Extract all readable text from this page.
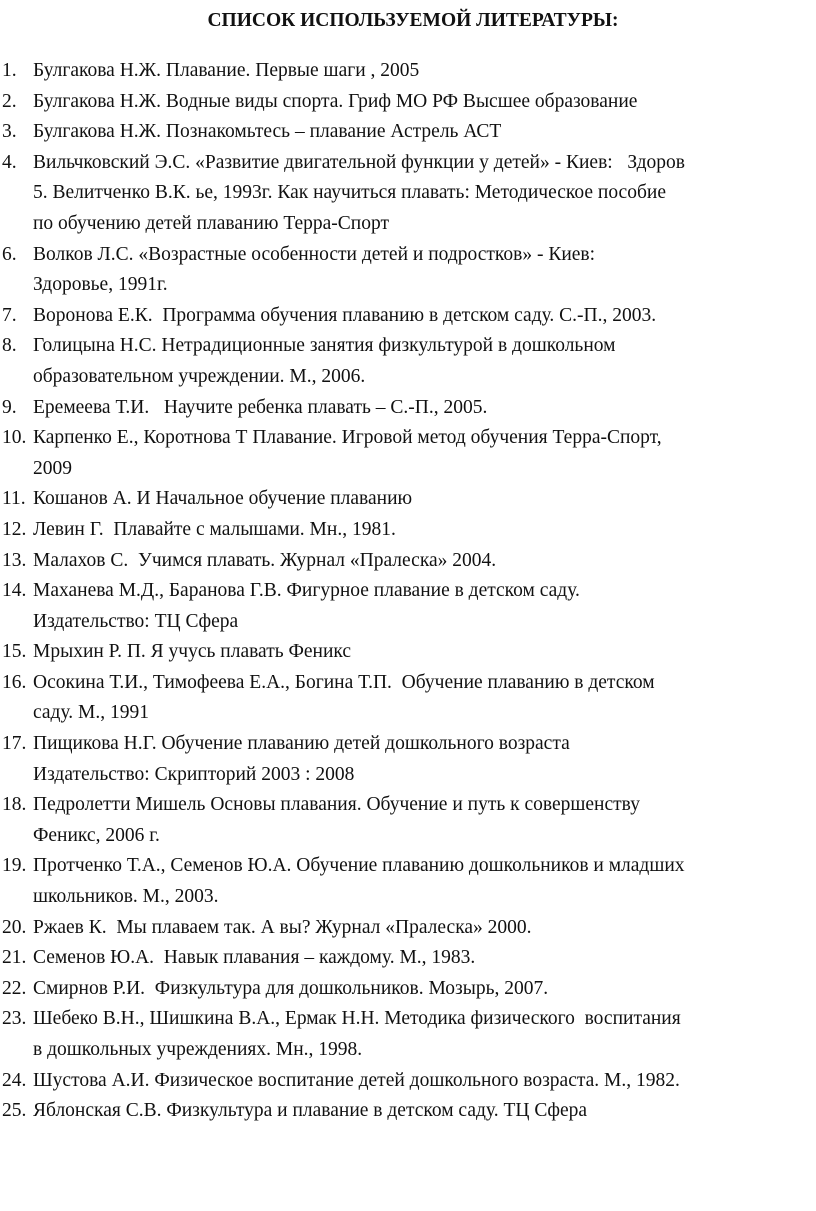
СПИСОК ИСПОЛЬЗУЕМОЙ ЛИТЕРАТУРЫ:
1. Булгакова Н.Ж. Плавание. Первые шаги , 2005
2. Булгакова Н.Ж. Водные виды спорта. Гриф МО РФ Высшее образование
3. Булгакова Н.Ж. Познакомьтесь – плавание Астрель АСТ
4. Вильчковский Э.С. «Развитие двигательной функции у детей» - Киев:   Здоров
5. Велитченко В.К. ье, 1993г. Как научиться плавать: Методическое пособие
по обучению детей плаванию Терра-Спорт
6. Волков Л.С. «Возрастные особенности детей и подростков» - Киев:
Здоровье, 1991г.
7. Воронова Е.К.  Программа обучения плаванию в детском саду. С.-П., 2003.
8. Голицына Н.С. Нетрадиционные занятия физкультурой в дошкольном
образовательном учреждении. М., 2006.
9. Еремеева Т.И.   Научите ребенка плавать – С.-П., 2005.
10. Карпенко Е., Коротнова Т Плавание. Игровой метод обучения Терра-Спорт,
2009
11. Кошанов А. И Начальное обучение плаванию
12. Левин Г.  Плавайте с малышами. Мн., 1981.
13. Малахов С.  Учимся плавать. Журнал «Пралеска» 2004.
14. Маханева М.Д., Баранова Г.В. Фигурное плавание в детском саду.
Издательство: ТЦ Сфера
15. Мрыхин Р. П. Я учусь плавать Феникс
16. Осокина Т.И., Тимофеева Е.А., Богина Т.П.  Обучение плаванию в детском
саду. М., 1991
17. Пищикова Н.Г. Обучение плаванию детей дошкольного возраста
Издательство: Скрипторий 2003 : 2008
18. Педролетти Мишель Основы плавания. Обучение и путь к совершенству
Феникс, 2006 г.
19. Протченко Т.А., Семенов Ю.А. Обучение плаванию дошкольников и младших
школьников. М., 2003.
20. Ржаев К.  Мы плаваем так. А вы? Журнал «Пралеска» 2000.
21. Семенов Ю.А.  Навык плавания – каждому. М., 1983.
22. Смирнов Р.И.  Физкультура для дошкольников. Мозырь, 2007.
23. Шебеко В.Н., Шишкина В.А., Ермак Н.Н. Методика физического  воспитания
в дошкольных учреждениях. Мн., 1998.
24. Шустова А.И. Физическое воспитание детей дошкольного возраста. М., 1982.
25. Яблонская С.В. Физкультура и плавание в детском саду. ТЦ Сфера
